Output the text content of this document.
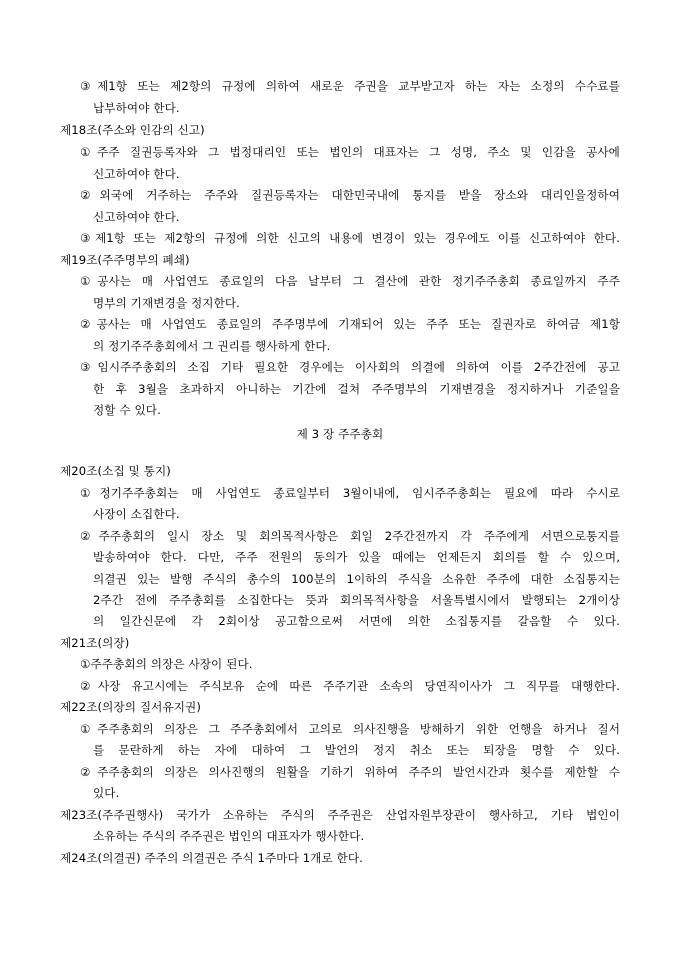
③제1항 또는 제2항의 규정에 의하여 새로운 주권을 교부받고자 하는 자는 소정의 수수료를
납부하여야 한다.
제18조(주소와 인감의 신고)
①주주 질권등록자와 그 법정대리인 또는 법인의 대표자는 그 성명, 주소 및 인감을 공사에
신고하여야 한다.
②외국에 거주하는 주주와 질권등록자는 대한민국내에 통지를 받을 장소와 대리인을정하여
신고하여야 한다.
③제1항 또는 제2항의 규정에 의한 신고의 내용에 변경이 있는 경우에도 이를 신고하여야 한다.
제19조(주주명부의 폐쇄)
①공사는 매 사업연도 종료일의 다음 날부터 그 결산에 관한 정기주주총회 종료일까지 주주
명부의 기재변경을 정지한다.
②공사는 매 사업연도 종료일의 주주명부에 기재되어 있는 주주 또는 질권자로 하여금 제1항
의 정기주주총회에서 그 권리를 행사하게 한다.
③임시주주총회의 소집 기타 필요한 경우에는 이사회의 의결에 의하여 이를 2주간전에 공고
한 후 3월을 초과하지 아니하는 기간에 걸쳐 주주명부의 기재변경을 정지하거나 기준일을
정할 수 있다.
제 3 장 주주총회
제20조(소집 및 통지)
①정기주주총회는 매 사업연도 종료일부터 3월이내에, 임시주주총회는 필요에 따라 수시로
사장이 소집한다.
②주주총회의 일시 장소 및 회의목적사항은 회일 2주간전까지 각 주주에게 서면으로통지를
발송하여야 한다. 다만, 주주 전원의 동의가 있을 때에는 언제든지 회의를 할 수 있으며,
의결권 있는 발행 주식의 총수의 100분의 1이하의 주식을 소유한 주주에 대한 소집통지는
2주간 전에 주주총회를 소집한다는 뜻과 회의목적사항을 서울특별시에서 발행되는 2개이상
의 일간신문에 각 2회이상 공고함으로써 서면에 의한 소집통지를 갈음할 수 있다.
제21조(의장)
①주주총회의 의장은 사장이 된다.
②사장 유고시에는 주식보유 순에 따른 주주기관 소속의 당연직이사가 그 직무를 대행한다.
제22조(의장의 질서유지권)
①주주총회의 의장은 그 주주총회에서 고의로 의사진행을 방해하기 위한 언행을 하거나 질서
를 문란하게 하는 자에 대하여 그 발언의 정지 취소 또는 퇴장을 명할 수 있다.
②주주총회의 의장은 의사진행의 원활을 기하기 위하여 주주의 발언시간과 횟수를 제한할 수
있다.
제23조(주주권행사) 국가가 소유하는 주식의 주주권은 산업자원부장관이 행사하고, 기타 법인이
소유하는 주식의 주주권은 법인의 대표자가 행사한다.
제24조(의결권) 주주의 의결권은 주식 1주마다 1개로 한다.
